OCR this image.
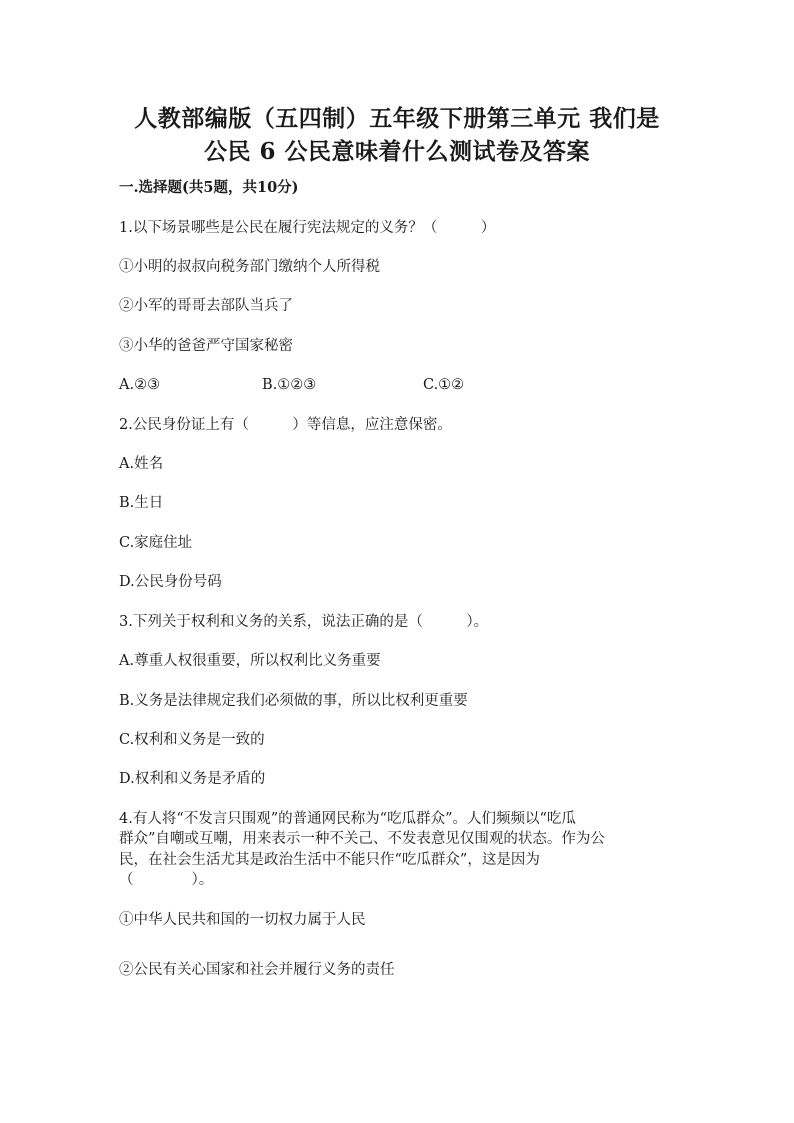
人教部编版（五四制）五年级下册第三单元 我们是
公民 6 公民意味着什么测试卷及答案
一.选择题(共5题，共10分)
1.以下场景哪些是公民在履行宪法规定的义务？（　　　）
①小明的叔叔向税务部门缴纳个人所得税
②小军的哥哥去部队当兵了
③小华的爸爸严守国家秘密
A.②③	B.①②③	C.①②
2.公民身份证上有（　　　）等信息，应注意保密。
A.姓名
B.生日
C.家庭住址
D.公民身份号码
3.下列关于权利和义务的关系，说法正确的是（　　　）。
A.尊重人权很重要，所以权利比义务重要
B.义务是法律规定我们必须做的事，所以比权利更重要
C.权利和义务是一致的
D.权利和义务是矛盾的
4.有人将“不发言只围观”的普通网民称为“吃瓜群众”。人们频频以“吃瓜
群众”自嘲或互嘲，用来表示一种不关己、不发表意见仅围观的状态。作为公
民，在社会生活尤其是政治生活中不能只作“吃瓜群众”，这是因为
（　　　　）。
①中华人民共和国的一切权力属于人民
②公民有关心国家和社会并履行义务的责任
